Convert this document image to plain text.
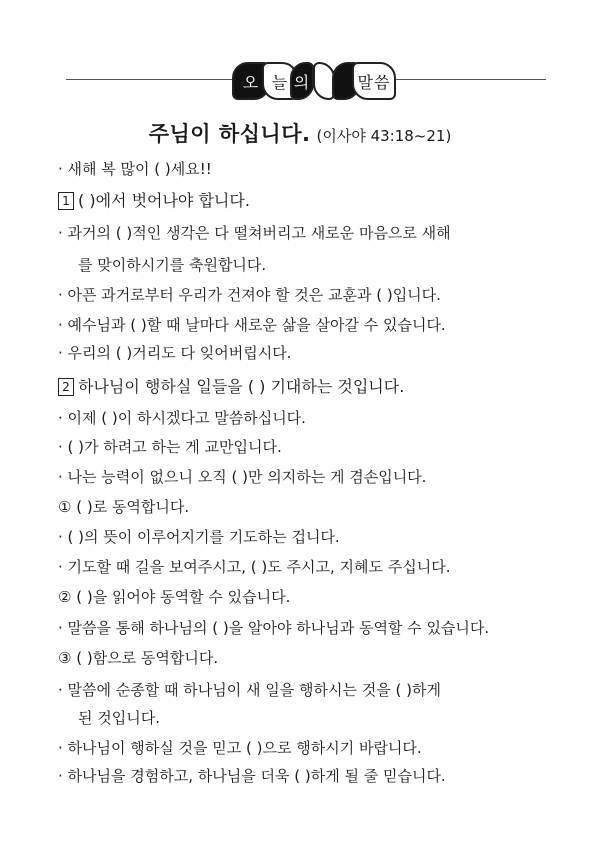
오 늘 의	말 씀
주님이 하십니다. (이사야 43:18~21)
· 새해 복 많이 ( )세요!!
1 ( )에서 벗어나야 합니다.
· 과거의 ( )적인 생각은 다 떨쳐버리고 새로운 마음으로 새해
를 맞이하시기를 축원합니다.
· 아픈 과거로부터 우리가 건져야 할 것은 교훈과 ( )입니다.
· 예수님과 ( )할 때 날마다 새로운 삶을 살아갈 수 있습니다.
· 우리의 ( )거리도 다 잊어버립시다.
2 하나님이 행하실 일들을 ( ) 기대하는 것입니다.
· 이제 ( )이 하시겠다고 말씀하십니다.
· ( )가 하려고 하는 게 교만입니다.
· 나는 능력이 없으니 오직 ( )만 의지하는 게 겸손입니다.
① ( )로 동역합니다.
· ( )의 뜻이 이루어지기를 기도하는 겁니다.
· 기도할 때 길을 보여주시고, ( )도 주시고, 지혜도 주십니다.
② ( )을 읽어야 동역할 수 있습니다.
· 말씀을 통해 하나님의 ( )을 알아야 하나님과 동역할 수 있습니다.
③ ( )함으로 동역합니다.
· 말씀에 순종할 때 하나님이 새 일을 행하시는 것을 ( )하게
된 것입니다.
· 하나님이 행하실 것을 믿고 ( )으로 행하시기 바랍니다.
· 하나님을 경험하고, 하나님을 더욱 ( )하게 될 줄 믿습니다.
